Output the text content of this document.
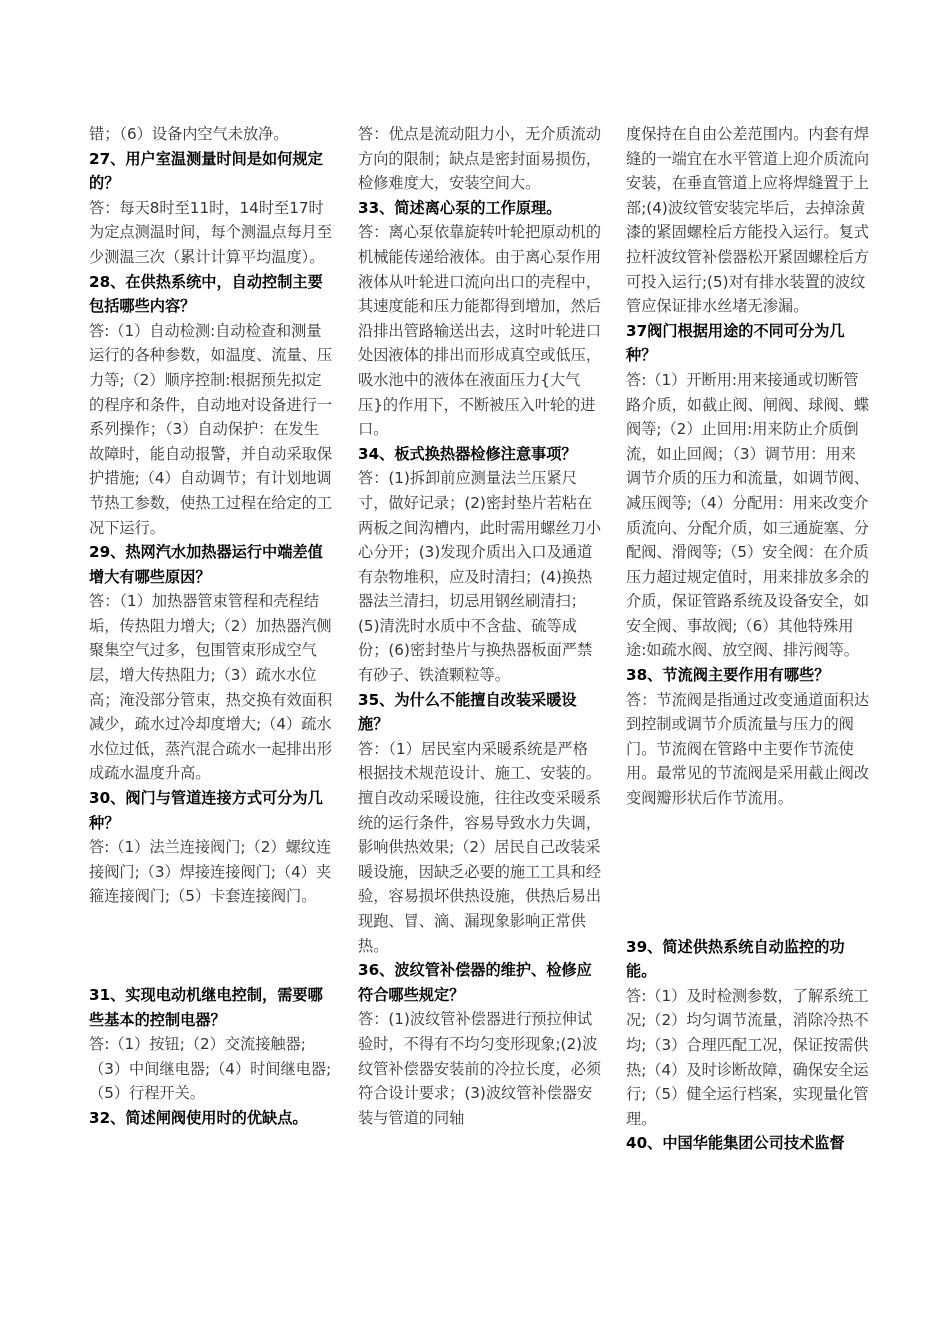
错；（6）设备内空气未放净。

27、用户室温测量时间是如何规定的？

答：每天8时至11时，14时至17时为定点测温时间，每个测温点每月至少测温三次（累计计算平均温度）。

28、在供热系统中，自动控制主要包括哪些内容？

答:（1）自动检测:自动检查和测量运行的各种参数，如温度、流量、压力等;（2）顺序控制:根据预先拟定的程序和条件，自动地对设备进行一系列操作；（3）自动保护：在发生故障时，能自动报警，并自动采取保护措施;（4）自动调节；有计划地调节热工参数，使热工过程在给定的工况下运行。

29、热网汽水加热器运行中端差值增大有哪些原因？

答：（1）加热器管束管程和壳程结垢，传热阻力增大;（2）加热器汽侧聚集空气过多，包围管束形成空气层，增大传热阻力;（3）疏水水位高；淹没部分管束，热交换有效面积减少，疏水过冷却度增大;（4）疏水水位过低，蒸汽混合疏水一起排出形成疏水温度升高。

30、阀门与管道连接方式可分为几种？

答:（1）法兰连接阀门;（2）螺纹连接阀门;（3）焊接连接阀门;（4）夹箍连接阀门;（5）卡套连接阀门。

31、实现电动机继电控制，需要哪些基本的控制电器？

答:（1）按钮;（2）交流接触器;（3）中间继电器;（4）时间继电器;（5）行程开关。

32、简述闸阀使用时的优缺点。

答：优点是流动阻力小，无介质流动方向的限制；缺点是密封面易损伤，检修难度大，安装空间大。

33、简述离心泵的工作原理。

答：离心泵依靠旋转叶轮把原动机的机械能传递给液体。由于离心泵作用液体从叶轮进口流向出口的壳程中，其速度能和压力能都得到增加，然后沿排出管路输送出去，这时叶轮进口处因液体的排出而形成真空或低压，吸水池中的液体在液面压力{大气压}的作用下，不断被压入叶轮的进口。

34、板式换热器检修注意事项？

答：(1)拆卸前应测量法兰压紧尺寸，做好记录；(2)密封垫片若粘在两板之间沟槽内，此时需用螺丝刀小心分开；(3)发现介质出入口及通道有杂物堆积，应及时清扫；(4)换热器法兰清扫，切忌用钢丝刷清扫；(5)清洗时水质中不含盐、硫等成份；(6)密封垫片与换热器板面严禁有砂子、铁渣颗粒等。

35、为什么不能擅自改装采暖设施？

答：（1）居民室内采暖系统是严格根据技术规范设计、施工、安装的。擅自改动采暖设施，往往改变采暖系统的运行条件，容易导致水力失调，影响供热效果;（2）居民自己改装采暖设施，因缺乏必要的施工工具和经验，容易损坏供热设施，供热后易出现跑、冒、滴、漏现象影响正常供热。

36、波纹管补偿器的维护、检修应符合哪些规定？

答：(1)波纹管补偿器进行预拉伸试验时，不得有不均匀变形现象;(2)波纹管补偿器安装前的冷拉长度，必须符合设计要求；(3)波纹管补偿器安装与管道的同轴

度保持在自由公差范围内。内套有焊缝的一端宜在水平管道上迎介质流向安装，在垂直管道上应将焊缝置于上部;(4)波纹管安装完毕后，去掉涂黄漆的紧固螺栓后方能投入运行。复式拉杆波纹管补偿器松开紧固螺栓后方可投入运行;(5)对有排水装置的波纹管应保证排水丝堵无渗漏。

37阀门根据用途的不同可分为几种？

答:（1）开断用:用来接通或切断管路介质，如截止阀、闸阀、球阀、蝶阀等;（2）止回用:用来防止介质倒流，如止回阀；（3）调节用：用来调节介质的压力和流量，如调节阀、减压阀等;（4）分配用：用来改变介质流向、分配介质，如三通旋塞、分配阀、滑阀等;（5）安全阀：在介质压力超过规定值时，用来排放多余的介质，保证管路系统及设备安全，如安全阀、事故阀;（6）其他特殊用途:如疏水阀、放空阀、排污阀等。

38、节流阀主要作用有哪些？

答：节流阀是指通过改变通道面积达到控制或调节介质流量与压力的阀门。节流阀在管路中主要作节流使用。最常见的节流阀是采用截止阀改变阀瓣形状后作节流用。

39、简述供热系统自动监控的功能。

答:（1）及时检测参数，了解系统工况;（2）均匀调节流量，消除冷热不均;（3）合理匹配工况，保证按需供热;（4）及时诊断故障，确保安全运行;（5）健全运行档案，实现量化管理。

40、中国华能集团公司技术监督
